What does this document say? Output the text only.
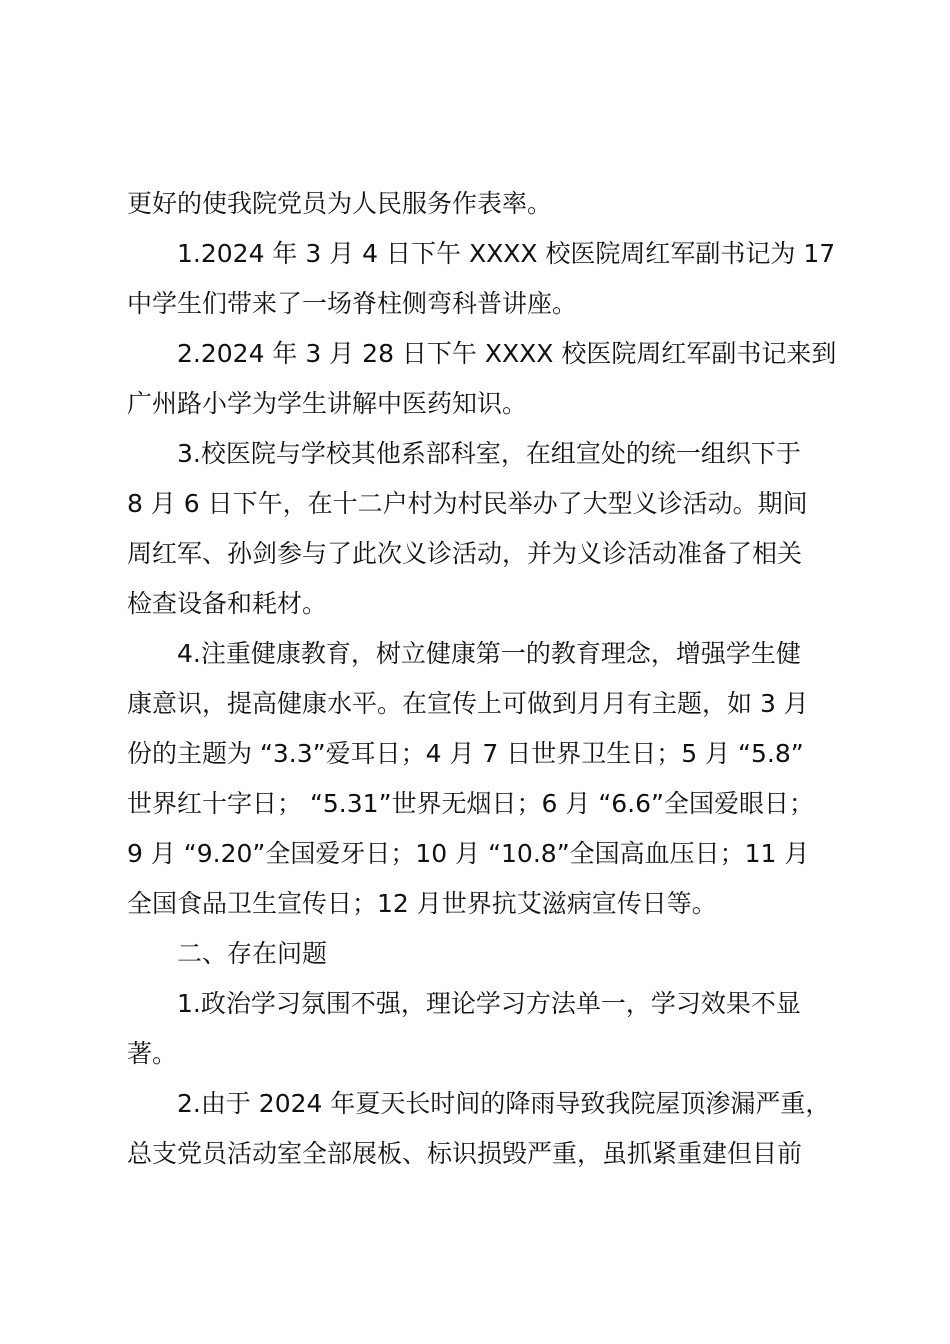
更好的使我院党员为人民服务作表率。
1.2024 年 3 月 4 日下午 XXXX 校医院周红军副书记为 17
中学生们带来了一场脊柱侧弯科普讲座。
2.2024 年 3 月 28 日下午 XXXX 校医院周红军副书记来到
广州路小学为学生讲解中医药知识。
3.校医院与学校其他系部科室，在组宣处的统一组织下于
8 月 6 日下午，在十二户村为村民举办了大型义诊活动。期间
周红军、孙剑参与了此次义诊活动，并为义诊活动准备了相关
检查设备和耗材。
4.注重健康教育，树立健康第一的教育理念，增强学生健
康意识，提高健康水平。在宣传上可做到月月有主题，如 3 月
份的主题为 “3.3”爱耳日；4 月 7 日世界卫生日；5 月 “5.8”
世界红十字日； “5.31”世界无烟日；6 月 “6.6”全国爱眼日；
9 月 “9.20”全国爱牙日；10 月 “10.8”全国高血压日；11 月
全国食品卫生宣传日；12 月世界抗艾滋病宣传日等。
二、存在问题
1.政治学习氛围不强，理论学习方法单一，学习效果不显
著。
2.由于 2024 年夏天长时间的降雨导致我院屋顶渗漏严重，
总支党员活动室全部展板、标识损毁严重，虽抓紧重建但目前
